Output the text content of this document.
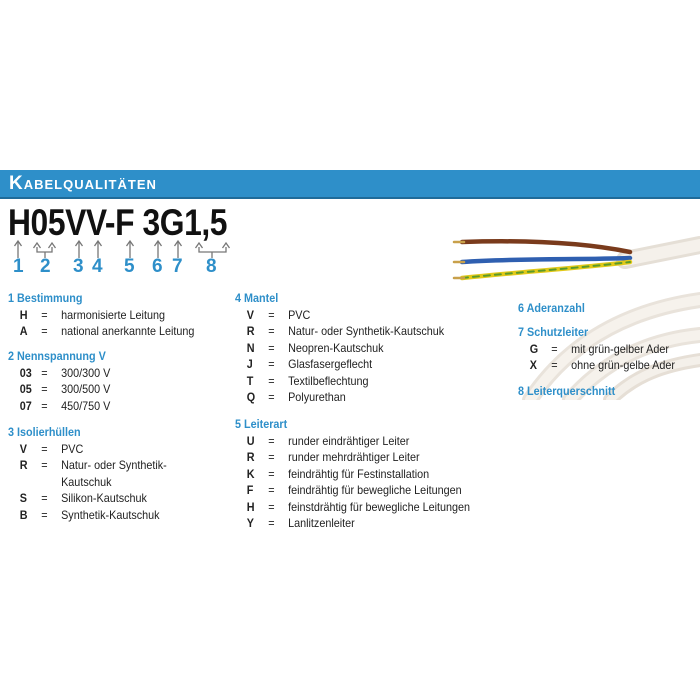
Kabelqualitäten
H05VV-F 3G1,5
1 2 3 4 5 6 7 8
1 Bestimmung
H	=	harmonisierte Leitung
A	=	national anerkannte Leitung
2 Nennspannung V
03 =	300/300 V
05 =	300/500 V
07 =	450/750 V
3 Isolierhüllen
V	=	PVC
R	=	Natur- oder Synthetik-
Kautschuk
S	=	Silikon-Kautschuk
B	=	Synthetik-Kautschuk
4 Mantel
V	=	PVC
R	=	Natur- oder Synthetik-Kautschuk
N	=	Neopren-Kautschuk
J	=	Glasfasergeflecht
T	=	Textilbeflechtung
Q	=	Polyurethan
5 Leiterart
U	=	runder eindrähtiger Leiter
R	=	runder mehrdrähtiger Leiter
K	=	feindrähtig für Festinstallation
F	=	feindrähtig für bewegliche Leitungen
H	=	feinstdrähtig für bewegliche Leitungen
Y	=	Lanlitzenleiter
6 Aderanzahl
7 Schutzleiter
G	=	mit grün-gelber Ader
X	=	ohne grün-gelbe Ader
8 Leiterquerschnitt
